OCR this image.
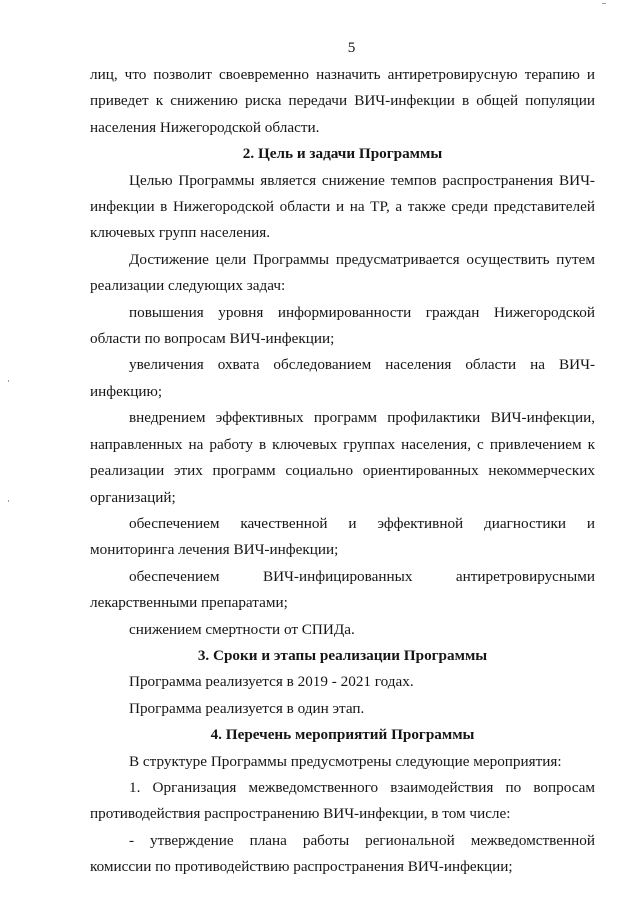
5

лиц, что позволит своевременно назначить антиретровирусную терапию и приведет к снижению риска передачи ВИЧ-инфекции в общей популяции населения Нижегородской области.

2. Цель и задачи Программы

Целью Программы является снижение темпов распространения ВИЧ-инфекции в Нижегородской области и на ТР, а также среди представителей ключевых групп населения.

Достижение цели Программы предусматривается осуществить путем реализации следующих задач:

повышения уровня информированности граждан Нижегородской области по вопросам ВИЧ-инфекции;

увеличения охвата обследованием населения области на ВИЧ-инфекцию;

внедрением эффективных программ профилактики ВИЧ-инфекции, направленных на работу в ключевых группах населения, с привлечением к реализации этих программ социально ориентированных некоммерческих организаций;

обеспечением качественной и эффективной диагностики и мониторинга лечения ВИЧ-инфекции;

обеспечением ВИЧ-инфицированных антиретровирусными лекарственными препаратами;

снижением смертности от СПИДа.

3. Сроки и этапы реализации Программы

Программа реализуется в 2019 - 2021 годах.

Программа реализуется в один этап.

4. Перечень мероприятий Программы

В структуре Программы предусмотрены следующие мероприятия:

1. Организация межведомственного взаимодействия по вопросам противодействия распространению ВИЧ-инфекции, в том числе:

- утверждение плана работы региональной межведомственной комиссии по противодействию распространения ВИЧ-инфекции;
